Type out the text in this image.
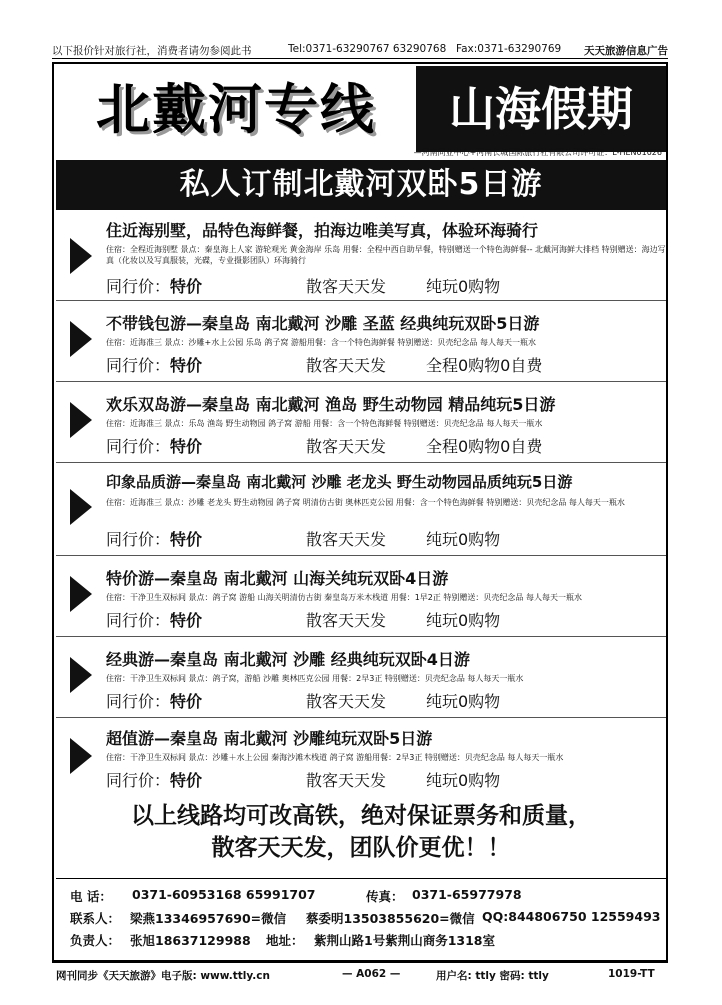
以下报价针对旅行社，消费者请勿参阅此书	Tel:0371-63290767 63290768 Fax:0371-63290769 天天旅游信息广告
北戴河专线	山海假期
—河南同业中心+河南长城国际旅行社有限公司许可证：L-HEN01026
私人订制北戴河双卧5日游
住近海别墅，品特色海鲜餐，拍海边唯美写真，体验环海骑行
住宿：全程近海别墅 景点：秦皇海上人家 游轮观光 黄金海岸 乐岛 用餐：全程中西自助早餐，特别赠送一个特色海鲜餐-- 北戴河海鲜大排档 特别赠送：海边写真（化妆以及写真服装，光碟，专业摄影团队）环海骑行
同行价：特价	散客天天发 纯玩0购物
不带钱包游—秦皇岛 南北戴河 沙雕 圣蓝 经典纯玩双卧5日游
住宿：近海准三 景点：沙雕+水上公园 乐岛 鸽子窝 游船用餐：含一个特色海鲜餐 特别赠送：贝壳纪念品 每人每天一瓶水
同行价：特价	散客天天发 全程0购物0自费
欢乐双岛游—秦皇岛 南北戴河 渔岛 野生动物园 精品纯玩5日游
住宿：近海准三 景点：乐岛 渔岛 野生动物园 鸽子窝 游船 用餐：含一个特色海鲜餐 特别赠送：贝壳纪念品 每人每天一瓶水
同行价：特价	散客天天发 全程0购物0自费
印象品质游—秦皇岛 南北戴河 沙雕 老龙头 野生动物园品质纯玩5日游
住宿：近海准三 景点：沙雕 老龙头 野生动物园 鸽子窝 明清仿古街 奥林匹克公园 用餐：含一个特色海鲜餐 特别赠送：贝壳纪念品 每人每天一瓶水
同行价：特价	散客天天发 纯玩0购物
特价游—秦皇岛 南北戴河 山海关纯玩双卧4日游
住宿：干净卫生双标间 景点：鸽子窝 游船 山海关明清仿古街 秦皇岛万米木栈道 用餐：1早2正 特别赠送：贝壳纪念品 每人每天一瓶水
同行价：特价	散客天天发 纯玩0购物
经典游—秦皇岛 南北戴河 沙雕 经典纯玩双卧4日游
住宿：干净卫生双标间 景点：鸽子窝，游船 沙雕 奥林匹克公园 用餐：2早3正 特别赠送：贝壳纪念品 每人每天一瓶水
同行价：特价	散客天天发 纯玩0购物
超值游—秦皇岛 南北戴河 沙雕纯玩双卧5日游
住宿：干净卫生双标间 景点：沙雕＋水上公园 秦海沙滩木栈道 鸽子窝 游船用餐：2早3正 特别赠送：贝壳纪念品 每人每天一瓶水
同行价：特价	散客天天发 纯玩0购物
以上线路均可改高铁，绝对保证票务和质量，
散客天天发，团队价更优！！
电 话： 0371-60953168 65991707	传真： 0371-65977978
联系人： 梁燕13346957690=微信 蔡委明13503855620=微信 QQ:844806750 12559493
负责人： 张旭18637129988 地址： 紫荆山路1号紫荆山商务1318室
网刊同步《天天旅游》电子版: www.ttly.cn	— A062 —	用户名: ttly 密码: ttly	1019-TT
